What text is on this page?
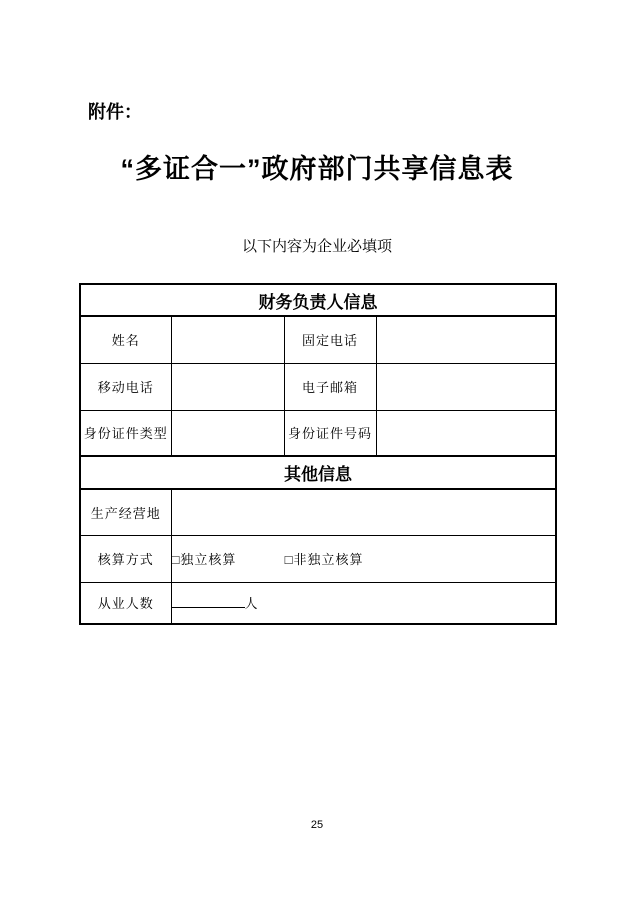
附件：
“多证合一”政府部门共享信息表
以下内容为企业必填项
财务负责人信息			
姓名		固定电话	
移动电话		电子邮箱	
身份证件类型		身份证件号码	
其他信息			
生产经营地			
核算方式	□独立核算 □非独立核算		
从业人数	人		
25
